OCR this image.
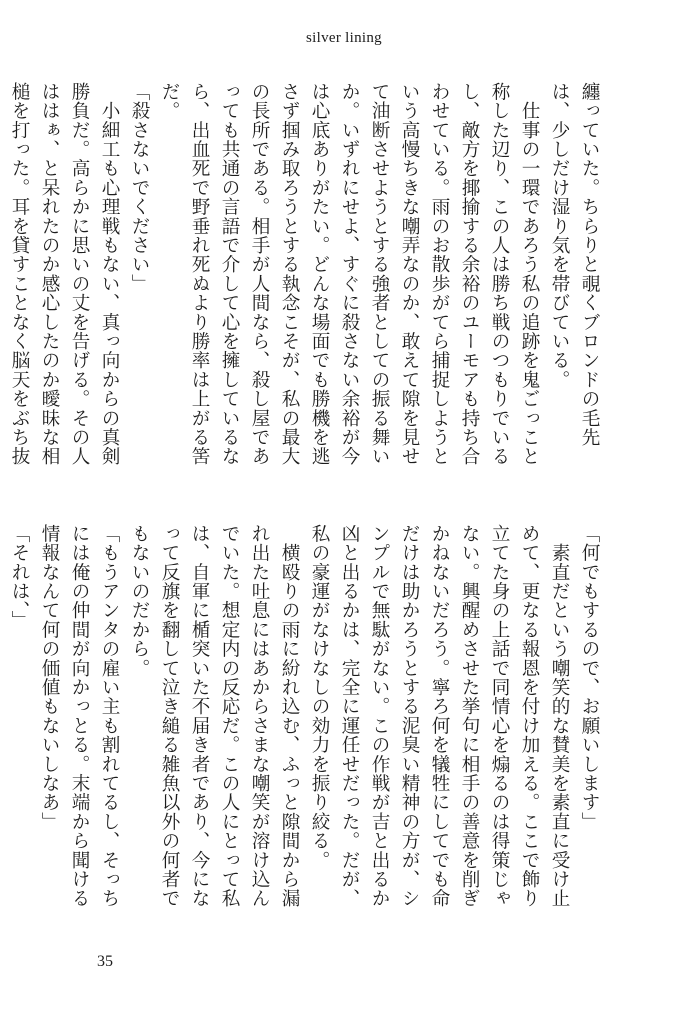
silver lining

纏っていた。ちらりと覗くブロンドの毛先は、少しだけ湿り気を帯びている。

　仕事の一環であろう私の追跡を鬼ごっこと称した辺り、この人は勝ち戦のつもりでいるし、敵方を揶揄する余裕のユーモアも持ち合わせている。雨のお散歩がてら捕捉しようという高慢ちきな嘲弄なのか、敢えて隙を見せて油断させようとする強者としての振る舞いか。いずれにせよ、すぐに殺さない余裕が今は心底ありがたい。どんな場面でも勝機を逃さず掴み取ろうとする執念こそが、私の最大の長所である。相手が人間なら、殺し屋であっても共通の言語で介して心を擁しているなら、出血死で野垂れ死ぬより勝率は上がる筈だ。

「殺さないでください」

　小細工も心理戦もない、真っ向からの真剣勝負だ。高らかに思いの丈を告げる。その人ははぁ、と呆れたのか感心したのか曖昧な相槌を打った。耳を貸すことなく脳天をぶち抜

「何でもするので、お願いします」

　素直だという嘲笑的な賛美を素直に受け止めて、更なる報恩を付け加える。ここで飾り立てた身の上話で同情心を煽るのは得策じゃない。興醒めさせた挙句に相手の善意を削ぎかねないだろう。寧ろ何を犠牲にしてでも命だけは助かろうとする泥臭い精神の方が、シンプルで無駄がない。この作戦が吉と出るか凶と出るかは、完全に運任せだった。だが、私の豪運がなけなしの効力を振り絞る。

　横殴りの雨に紛れ込む、ふっと隙間から漏れ出た吐息にはあからさまな嘲笑が溶け込んでいた。想定内の反応だ。この人にとって私は、自軍に楯突いた不届き者であり、今になって反旗を翻して泣き縋る雑魚以外の何者でもないのだから。

「もうアンタの雇い主も割れてるし、そっちには俺の仲間が向かっとる。末端から聞ける情報なんて何の価値もないしなあ」

「それは、」

35
